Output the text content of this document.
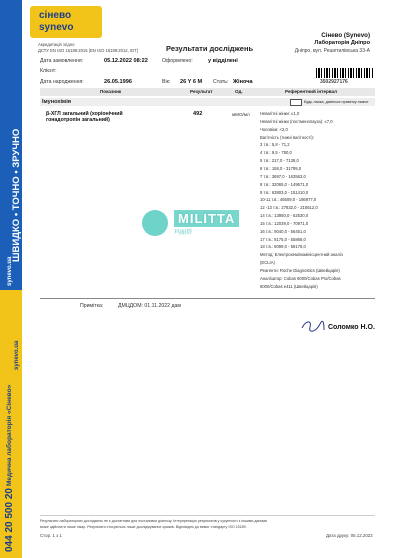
ШВИДКО • ТОЧНО • ЗРУЧНО
synevo.ua
Медична лабораторія «Сінево»
synevo.ua
044 20 500 20
сінево
synevo
Акредитація згідно
ДСТУ EN ISO 15189:2015 (EN ISO 15189:2012, IDT)	Результати досліджень
Сінево (Synevo)
Лабораторія Дніпро
Дніпро, вул. Решетилівська 33-А
Дата замовлення:	05.12.2022 08:22	Оформлено:	у відділені
Клієнт:
3502927176
Дата народження:	26.05.1996	Вік: 26 Y 6 M Стать: Жіноча
Показник	Результат	Од.	Референтний інтервал
Імунохімія	Будь ласка, дивіться примітку нижче
β-ХГЛ загальний (хоріонічний
гонадотропін загальний)
492	мМО/мл Невагітні жінки: ≤1,0
Невагітні жінки (постменопауза): ≤7,0
Чоловіки: <2,0
Вагітність (тижні вагітності):
3 т.в.: 5,8 - 71,2
4 т.в.: 9,5 - 750,0
5 т.в.: 217,0 - 7138,0
6 т.в.: 158,0 - 31795,0
7 т.в.: 3697,0 - 163563,0
8 т.в.: 32065,0 - 149571,0
9 т.в.: 63803,0 - 151410,0
10-11 т.в.: 46509,0 - 186977,0
12 -13 т.в.: 27832,0 - 210612,0
14 т.в.: 13950,0 - 62530,0
15 т.в.: 12039,0 - 70971,0
16 т.в.: 9040,0 - 56451,0
17 т.в.: 8175,0 - 55868,0
18 т.в.: 8099,0 - 58176,0
Метод: Електрохемілюмінісцентний аналіз
(ECLIA)
Реагенти: Roche Diagnostics (Швейцарія)
Аналізатор: Cobas 6000/Cobas Pro/Cobas
6000/Cobas e411 (Швейцарія)
MILITTA
玛丽塔
Примітка:	ДМЦДОМ: 01.11.2022 дам
Соломко Н.О.
Результати лабораторних досліджень не є достатніми для постановки діагнозу. Інтерпретацію результатів у сукупності з іншими даними
може здійснити лише лікар. Результати стосуються лише досліджуваних зразків. Відповідно до вимог стандарту ISO 15189.
Стор. 1 з 1	Дата друку: 05.12.2022
